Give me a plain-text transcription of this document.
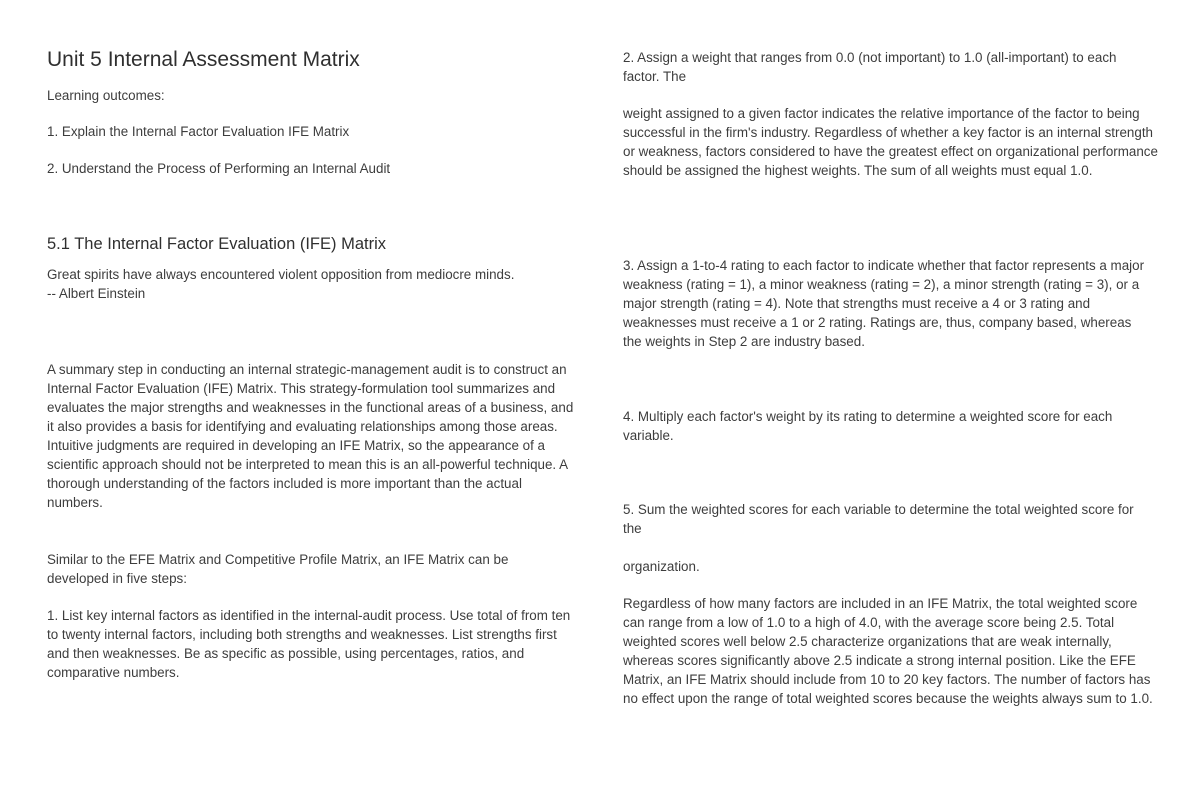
Unit 5 Internal Assessment Matrix

Learning outcomes:

1. Explain the Internal Factor Evaluation IFE Matrix

2. Understand the Process of Performing an Internal Audit

5.1 The Internal Factor Evaluation (IFE) Matrix

Great spirits have always encountered violent opposition from mediocre minds.

-- Albert Einstein

A summary step in conducting an internal strategic-management audit is to construct an Internal Factor Evaluation (IFE) Matrix. This strategy-formulation tool summarizes and evaluates the major strengths and weaknesses in the functional areas of a business, and it also provides a basis for identifying and evaluating relationships among those areas. Intuitive judgments are required in developing an IFE Matrix, so the appearance of a scientific approach should not be interpreted to mean this is an all-powerful technique. A thorough understanding of the factors included is more important than the actual numbers.

Similar to the EFE Matrix and Competitive Profile Matrix, an IFE Matrix can be developed in five steps:

1. List key internal factors as identified in the internal-audit process. Use total of from ten to twenty internal factors, including both strengths and weaknesses. List strengths first and then weaknesses. Be as specific as possible, using percentages, ratios, and comparative numbers.

2. Assign a weight that ranges from 0.0 (not important) to 1.0 (all-important) to each factor. The

weight assigned to a given factor indicates the relative importance of the factor to being successful in the firm's industry. Regardless of whether a key factor is an internal strength or weakness, factors considered to have the greatest effect on organizational performance should be assigned the highest weights. The sum of all weights must equal 1.0.

3. Assign a 1-to-4 rating to each factor to indicate whether that factor represents a major weakness (rating = 1), a minor weakness (rating = 2), a minor strength (rating = 3), or a major strength (rating = 4). Note that strengths must receive a 4 or 3 rating and weaknesses must receive a 1 or 2 rating. Ratings are, thus, company based, whereas the weights in Step 2 are industry based.

4. Multiply each factor's weight by its rating to determine a weighted score for each variable.

5. Sum the weighted scores for each variable to determine the total weighted score for the

organization.

Regardless of how many factors are included in an IFE Matrix, the total weighted score can range from a low of 1.0 to a high of 4.0, with the average score being 2.5. Total weighted scores well below 2.5 characterize organizations that are weak internally, whereas scores significantly above 2.5 indicate a strong internal position. Like the EFE Matrix, an IFE Matrix should include from 10 to 20 key factors. The number of factors has no effect upon the range of total weighted scores because the weights always sum to 1.0.
